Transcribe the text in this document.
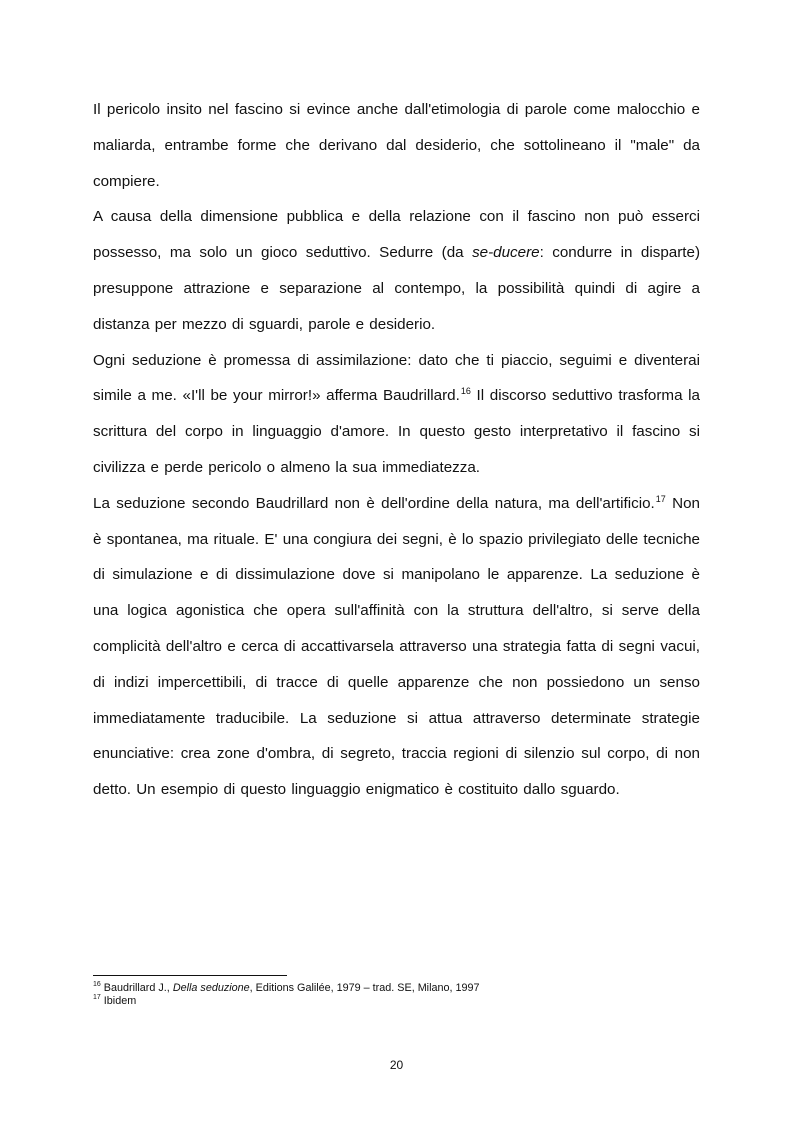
Il pericolo insito nel fascino si evince anche dall'etimologia di parole come malocchio e maliarda, entrambe forme che derivano dal desiderio, che sottolineano il "male" da compiere.

A causa della dimensione pubblica e della relazione con il fascino non può esserci possesso, ma solo un gioco seduttivo. Sedurre (da se-ducere: condurre in disparte) presuppone attrazione e separazione al contempo, la possibilità quindi di agire a distanza per mezzo di sguardi, parole e desiderio.

Ogni seduzione è promessa di assimilazione: dato che ti piaccio, seguimi e diventerai simile a me. «I'll be your mirror!» afferma Baudrillard.$^{16}$ Il discorso seduttivo trasforma la scrittura del corpo in linguaggio d'amore. In questo gesto interpretativo il fascino si civilizza e perde pericolo o almeno la sua immediatezza.

La seduzione secondo Baudrillard non è dell'ordine della natura, ma dell'artificio.$^{17}$ Non è spontanea, ma rituale. E' una congiura dei segni, è lo spazio privilegiato delle tecniche di simulazione e di dissimulazione dove si manipolano le apparenze. La seduzione è una logica agonistica che opera sull'affinità con la struttura dell'altro, si serve della complicità dell'altro e cerca di accattivarsela attraverso una strategia fatta di segni vacui, di indizi impercettibili, di tracce di quelle apparenze che non possiedono un senso immediatamente traducibile. La seduzione si attua attraverso determinate strategie enunciative: crea zone d'ombra, di segreto, traccia regioni di silenzio sul corpo, di non detto. Un esempio di questo linguaggio enigmatico è costituito dallo sguardo.

$^{16}$ Baudrillard J., Della seduzione, Editions Galilée, 1979 – trad. SE, Milano, 1997
$^{17}$ Ibidem
20
